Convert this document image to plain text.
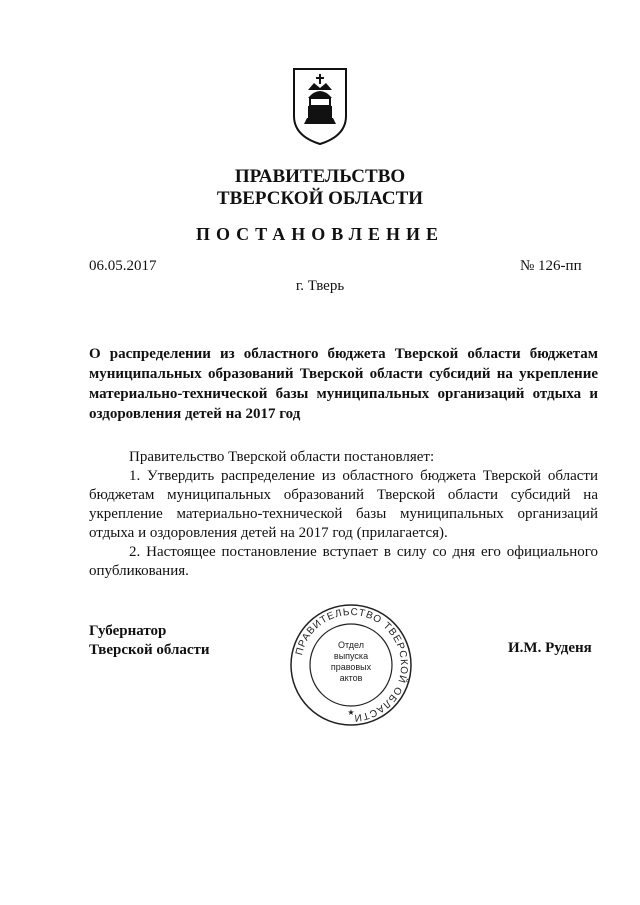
ПРАВИТЕЛЬСТВО
ТВЕРСКОЙ ОБЛАСТИ
ПОСТАНОВЛЕНИЕ
06.05.2017	№ 126-пп
г. Тверь
О распределении из областного бюджета Тверской области бюджетам муниципальных образований Тверской области субсидий на укрепление материально-технической базы муниципальных организаций отдыха и оздоровления детей на 2017 год

Правительство Тверской области постановляет:

1. Утвердить распределение из областного бюджета Тверской области бюджетам муниципальных образований Тверской области субсидий на укрепление материально-технической базы муниципальных организаций отдыха и оздоровления детей на 2017 год (прилагается).

2. Настоящее постановление вступает в силу со дня его официального опубликования.

Губернатор
Тверской области	И.М. Руденя
ПРАВИТЕЛЬСТВО ТВЕРСКОЙ ОБЛАСТИ
★
Отдел
выпуска
правовых
актов
